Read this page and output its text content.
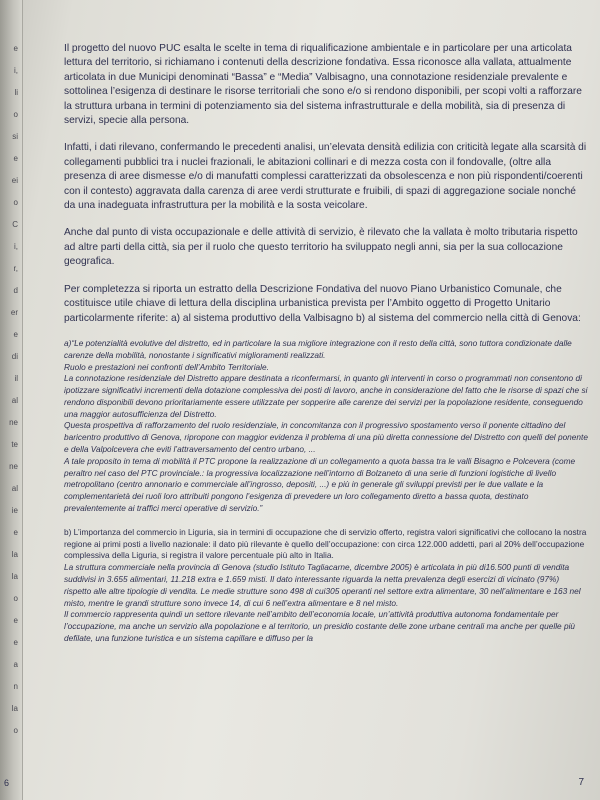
e
i,
li
o
si
e
ei
o
C
i,
r,
d
er
e
di
il
al
ne
te
ne
al
ie
e
la
la
o
e
e
a
n
la
o
6

Il progetto del nuovo PUC esalta le scelte in tema di riqualificazione ambientale e in particolare per una articolata lettura del territorio, si richiamano i contenuti della descrizione fondativa. Essa riconosce alla vallata, attualmente articolata in due Municipi denominati “Bassa” e “Media” Valbisagno, una connotazione residenziale prevalente e sottolinea l’esigenza di destinare le risorse territoriali che sono e/o si rendono disponibili, per scopi volti a rafforzare la struttura urbana in termini di potenziamento sia del sistema infrastrutturale e della mobilità, sia di presenza di servizi, specie alla persona.

Infatti, i dati rilevano, confermando le precedenti analisi, un’elevata densità edilizia con criticità legate alla scarsità di collegamenti pubblici tra i nuclei frazionali, le abitazioni collinari e di mezza costa con il fondovalle, (oltre alla presenza di aree dismesse e/o di manufatti complessi caratterizzati da obsolescenza e non più rispondenti/coerenti con il contesto) aggravata dalla carenza di aree verdi strutturate e fruibili, di spazi di aggregazione sociale nonché da una inadeguata infrastruttura per la mobilità e la sosta veicolare.

Anche dal punto di vista occupazionale e delle attività di servizio, è rilevato che la vallata è molto tributaria rispetto ad altre parti della città, sia per il ruolo che questo territorio ha sviluppato negli anni, sia per la sua collocazione geografica.

Per completezza si riporta un estratto della Descrizione Fondativa del nuovo Piano Urbanistico Comunale, che costituisce utile chiave di lettura della disciplina urbanistica prevista per l’Ambito oggetto di Progetto Unitario particolarmente riferite: a) al sistema produttivo della Valbisagno b) al sistema del commercio nella città di Genova:

a)“Le potenzialità evolutive del distretto, ed in particolare la sua migliore integrazione con il resto della città, sono tuttora condizionate dalle carenze della mobilità, nonostante i significativi miglioramenti realizzati.

Ruolo e prestazioni nei confronti dell’Ambito Territoriale.

La connotazione residenziale del Distretto appare destinata a riconfermarsi, in quanto gli interventi in corso o programmati non consentono di ipotizzare significativi incrementi della dotazione complessiva dei posti di lavoro, anche in considerazione del fatto che le risorse di spazi che si rendono disponibili devono prioritariamente essere utilizzate per sopperire alle carenze dei servizi per la popolazione residente, conseguendo una maggior autosufficienza del Distretto.

Questa prospettiva di rafforzamento del ruolo residenziale, in concomitanza con il progressivo spostamento verso il ponente cittadino del baricentro produttivo di Genova, ripropone con maggior evidenza il problema di una più diretta connessione del Distretto con quelli del ponente e della Valpolcevera che eviti l’attraversamento del centro urbano, ...

A tale proposito in tema di mobilità il PTC propone la realizzazione di un collegamento a quota bassa tra le valli Bisagno e Polcevera (come peraltro nel caso del PTC provinciale.: la progressiva localizzazione nell’intorno di Bolzaneto di una serie di funzioni logistiche di livello metropolitano (centro annonario e commerciale all’ingrosso, depositi, ...) e più in generale gli sviluppi previsti per le due vallate e la complementarietà dei ruoli loro attribuiti pongono l’esigenza di prevedere un loro collegamento diretto a bassa quota, destinato prevalentemente ai traffici merci operative di servizio.”

b) L’importanza del commercio in Liguria, sia in termini di occupazione che di servizio offerto, registra valori significativi che collocano la nostra regione ai primi posti a livello nazionale: il dato più rilevante è quello dell’occupazione: con circa 122.000 addetti, pari al 20% dell’occupazione complessiva della Liguria, si registra il valore percentuale più alto in Italia.

La struttura commerciale nella provincia di Genova (studio Istituto Tagliacarne, dicembre 2005) è articolata in più di16.500 punti di vendita suddivisi in 3.655 alimentari, 11.218 extra e 1.659 misti. Il dato interessante riguarda la netta prevalenza degli esercizi di vicinato (97%) rispetto alle altre tipologie di vendita. Le medie strutture sono 498 di cui305 operanti nel settore extra alimentare, 30 nell’alimentare e 163 nel misto, mentre le grandi strutture sono invece 14, di cui 6 nell’extra alimentare e 8 nel misto.

Il commercio rappresenta quindi un settore rilevante nell’ambito dell’economia locale, un’attività produttiva autonoma fondamentale per l’occupazione, ma anche un servizio alla popolazione e al territorio, un presidio costante delle zone urbane centrali ma anche per quelle più defilate, una funzione turistica e un sistema capillare e diffuso per la

7
